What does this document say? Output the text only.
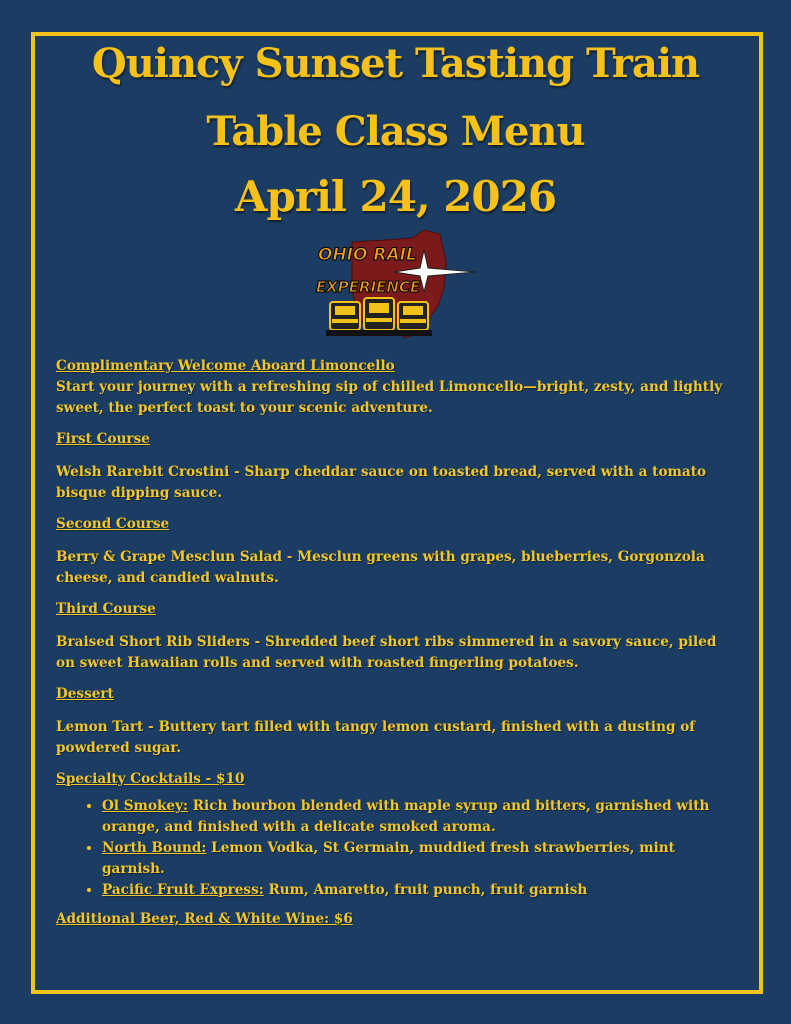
Quincy Sunset Tasting Train
Table Class Menu
April 24, 2026
OHIO RAIL
EXPERIENCE

Complimentary Welcome Aboard Limoncello

Start your journey with a refreshing sip of chilled Limoncello—bright, zesty, and lightly sweet, the perfect toast to your scenic adventure.

First Course

Welsh Rarebit Crostini - Sharp cheddar sauce on toasted bread, served with a tomato bisque dipping sauce.

Second Course

Berry & Grape Mesclun Salad - Mesclun greens with grapes, blueberries, Gorgonzola cheese, and candied walnuts.

Third Course

Braised Short Rib Sliders - Shredded beef short ribs simmered in a savory sauce, piled on sweet Hawaiian rolls and served with roasted fingerling potatoes.

Dessert

Lemon Tart - Buttery tart filled with tangy lemon custard, finished with a dusting of powdered sugar.

Specialty Cocktails - $10

• Ol Smokey: Rich bourbon blended with maple syrup and bitters, garnished with orange, and finished with a delicate smoked aroma.
• North Bound: Lemon Vodka, St Germain, muddied fresh strawberries, mint garnish.
• Pacific Fruit Express: Rum, Amaretto, fruit punch, fruit garnish

Additional Beer, Red & White Wine: $6
